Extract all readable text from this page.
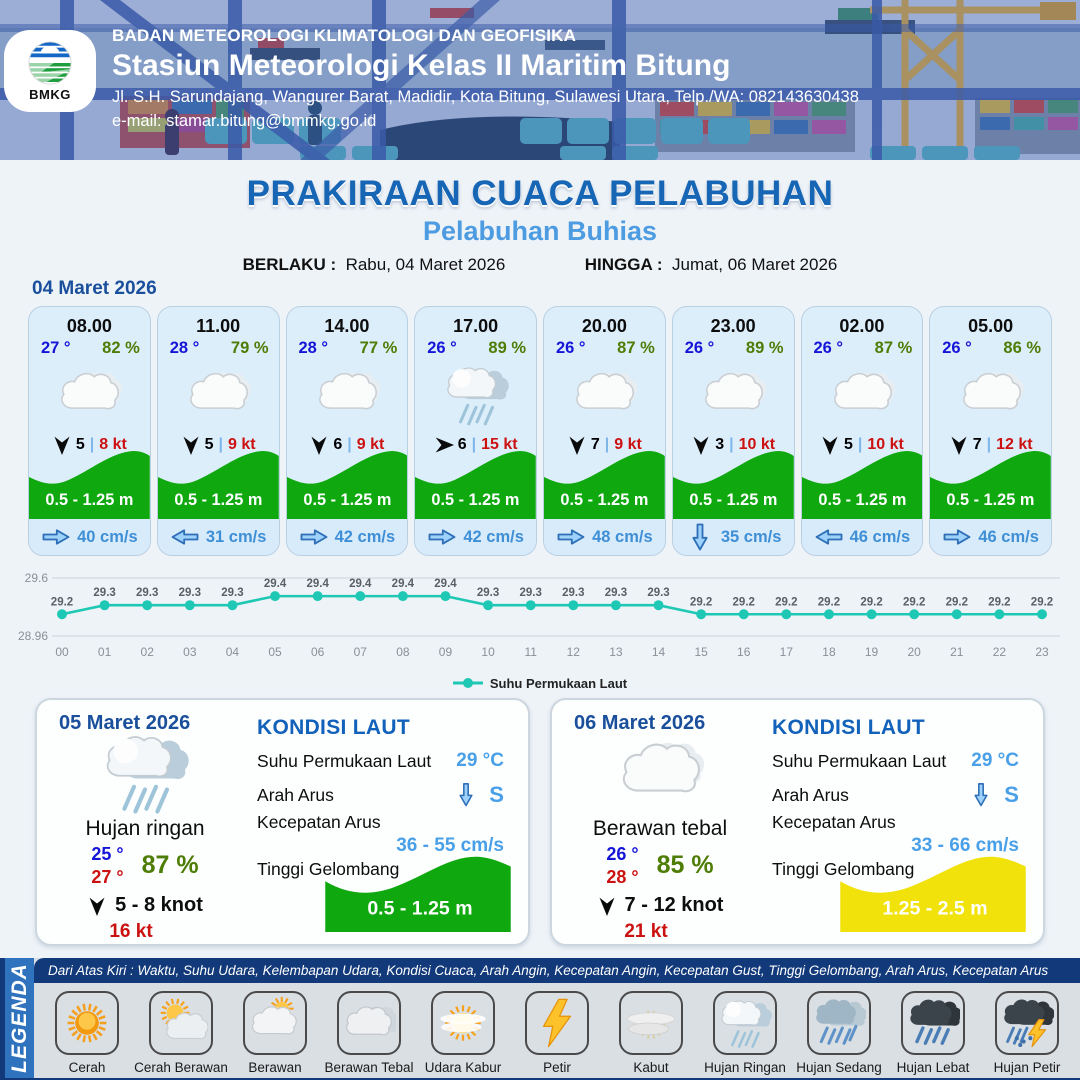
BMKG
BADAN METEOROLOGI KLIMATOLOGI DAN GEOFISIKA
Stasiun Meteorologi Kelas II Maritim Bitung
Jl. S.H. Sarundajang, Wangurer Barat, Madidir, Kota Bitung, Sulawesi Utara, Telp./WA: 082143630438
e-mail: stamar.bitung@bmmkg.go.id
PRAKIRAAN CUACA PELABUHAN
Pelabuhan Buhias
BERLAKU : Rabu, 04 Maret 2026	HINGGA : Jumat, 06 Maret 2026
04 Maret 2026
08.00
27 ° 82 %
5 | 8 kt
0.5 - 1.25 m
40 cm/s
11.00
28 ° 79 %
5 | 9 kt
0.5 - 1.25 m
31 cm/s
14.00
28 ° 77 %
6 | 9 kt
0.5 - 1.25 m
42 cm/s
17.00
26 ° 89 %
6 | 15 kt
0.5 - 1.25 m
42 cm/s
20.00
26 ° 87 %
7 | 9 kt
0.5 - 1.25 m
48 cm/s
23.00
26 ° 89 %
3 | 10 kt
0.5 - 1.25 m
35 cm/s
02.00
26 ° 87 %
5 | 10 kt
0.5 - 1.25 m
46 cm/s
05.00
26 ° 86 %
7 | 12 kt
0.5 - 1.25 m
46 cm/s
29.6
28.96
29.2
00
29.3
01
29.3
02
29.3
03
29.3
04
29.4
05
29.4
06
29.4
07
29.4
08
29.4
09
29.3
10
29.3
11
29.3
12
29.3
13
29.3
14
29.2
15
29.2
16
29.2
17
29.2
18
29.2
19
29.2
20
29.2
21
29.2
22
29.2
23
Suhu Permukaan Laut
05 Maret 2026
Hujan ringan
25 °
27 ° 87 %
5 - 8 knot
16 kt
KONDISI LAUT
Suhu Permukaan Laut 29 °C
Arah Arus	S
Kecepatan Arus
36 - 55 cm/s
Tinggi Gelombang
0.5 - 1.25 m
06 Maret 2026
Berawan tebal
26 °
28 ° 85 %
7 - 12 knot
21 kt
KONDISI LAUT
Suhu Permukaan Laut 29 °C
Arah Arus	S
Kecepatan Arus
33 - 66 cm/s
Tinggi Gelombang
1.25 - 2.5 m
LEGENDA	Dari Atas Kiri : Waktu, Suhu Udara, Kelembapan Udara, Kondisi Cuaca, Arah Angin, Kecepatan Angin, Kecepatan Gust, Tinggi Gelombang, Arah Arus, Kecepatan Arus
Cerah Cerah Berawan Berawan Berawan Tebal Udara Kabur	Petir	Kabut	Hujan Ringan Hujan Sedang Hujan Lebat Hujan Petir
